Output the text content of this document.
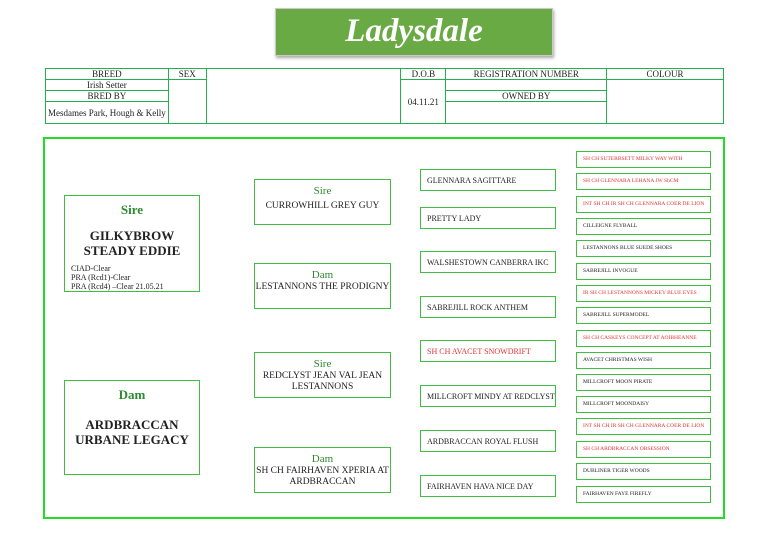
Ladysdale
BREED	SEX		D.O.B	REGISTRATION NUMBER	COLOUR
Irish Setter			04.11.21		
BRED BY				OWNED BY	
Mesdames Park, Hough & Kelly					
Sire
GILKYBROW STEADY EDDIE
CIAD-Clear
PRA (Rcd1)-Clear
PRA (Rcd4) –Clear 21.05.21
Dam
ARDBRACCAN URBANE LEGACY
Sire
CURROWHILL GREY GUY
Dam
LESTANNONS THE PRODIGNY
Sire
REDCLYST JEAN VAL JEAN LESTANNONS
Dam
SH CH FAIRHAVEN XPERIA AT ARDBRACCAN
GLENNARA SAGITTARE
PRETTY LADY
WALSHESTOWN CANBERRA IKC
SABREJILL ROCK ANTHEM
SH CH AVACET SNOWDRIFT
MILLCROFT MINDY AT REDCLYST
ARDBRACCAN ROYAL FLUSH
FAIRHAVEN HAVA NICE DAY
SH CH SUTERBSETT MILKY WAY WITH
SH CH GLENNARA LEHANA JW ShCM
INT SH CH IR SH CH GLENNARA COER DE LION
CILLEIGNE FLYBALL
LESTANNONS BLUE SUEDE SHOES
SABREJILL INVOGUE
IR SH CH LESTANNONS MICKEY BLUE EYES
SABREJILL SUPERMODEL
SH CH CASKEYS CONCEPT AT AOIBHEANNE
AVACET CHRISTMAS WISH
MILLCROFT MOON PIRATE
MILLCROFT MOONDAISY
INT SH CH IR SH CH GLENNARA COER DE LION
SH CH ARDBRACCAN OBSESSION
DUBLINER TIGER WOODS
FAIRHAVEN FAYE FIREFLY
